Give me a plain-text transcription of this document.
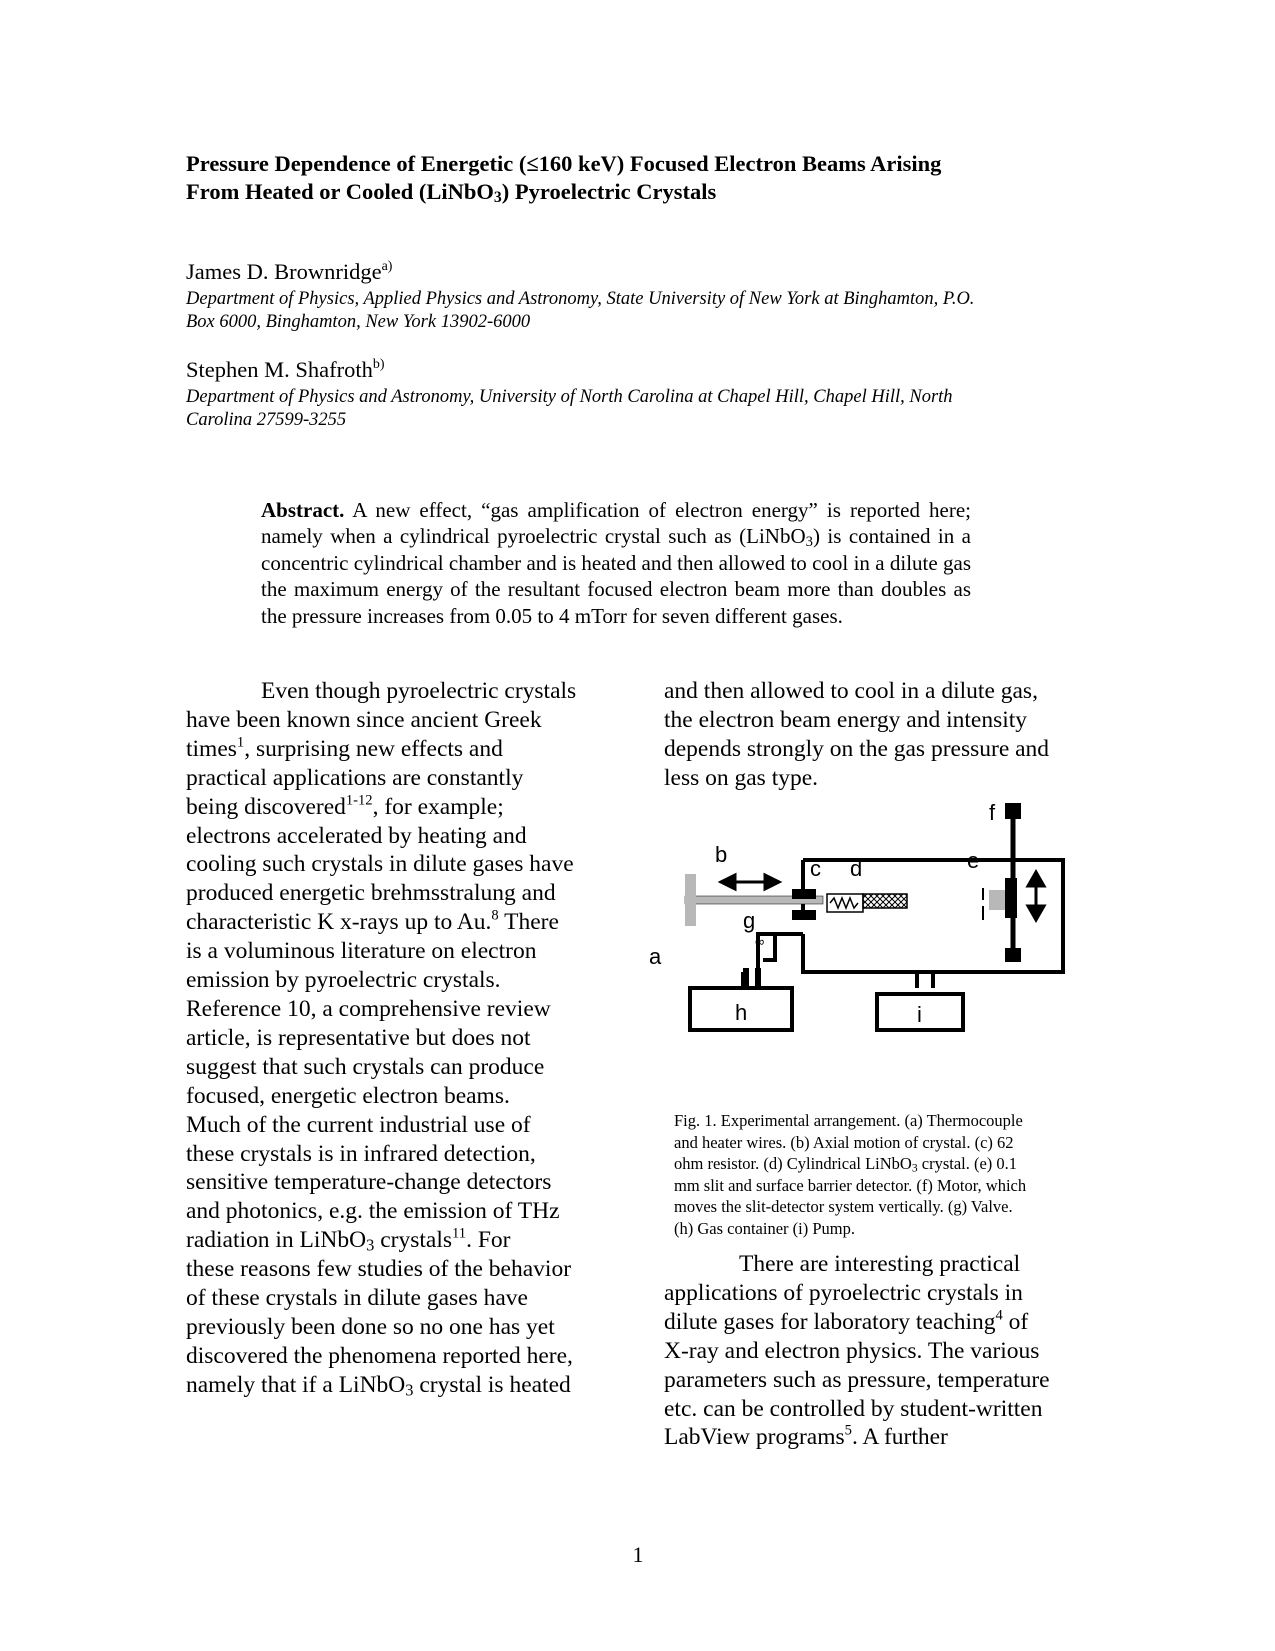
Pressure Dependence of Energetic (≤160 keV) Focused Electron Beams Arising
From Heated or Cooled (LiNbO$_3$) Pyroelectric Crystals
James D. Brownridge$^{a)}$
Department of Physics, Applied Physics and Astronomy, State University of New York at Binghamton, P.O.
Box 6000, Binghamton, New York 13902-6000
Stephen M. Shafroth$^{b)}$
Department of Physics and Astronomy, University of North Carolina at Chapel Hill, Chapel Hill, North
Carolina 27599-3255
Abstract. A new effect, “gas amplification of electron energy” is reported here; namely when a cylindrical pyroelectric crystal such as (LiNbO$_3$) is contained in a concentric cylindrical chamber and is heated and then allowed to cool in a dilute gas the maximum energy of the resultant focused electron beam more than doubles as the pressure increases from 0.05 to 4 mTorr for seven different gases.
Even though pyroelectric crystals
have been known since ancient Greek
times$^1$, surprising new effects and
practical applications are constantly
being discovered$^{1-12}$, for example;
electrons accelerated by heating and
cooling such crystals in dilute gases have
produced energetic brehmsstralung and
characteristic K x-rays up to Au.$^8$ There
is a voluminous literature on electron
emission by pyroelectric crystals.
Reference 10, a comprehensive review
article, is representative but does not
suggest that such crystals can produce
focused, energetic electron beams.
Much of the current industrial use of
these crystals is in infrared detection,
sensitive temperature-change detectors
and photonics, e.g. the emission of THz
radiation in LiNbO$_3$ crystals$^{11}$. For
these reasons few studies of the behavior
of these crystals in dilute gases have
previously been done so no one has yet
discovered the phenomena reported here,
namely that if a LiNbO$_3$ crystal is heated
and then allowed to cool in a dilute gas,
the electron beam energy and intensity
depends strongly on the gas pressure and
less on gas type.
∞
f
b
c d	e
g
a
h	i
Fig. 1. Experimental arrangement. (a) Thermocouple
and heater wires. (b) Axial motion of crystal. (c) 62
ohm resistor. (d) Cylindrical LiNbO$_3$ crystal. (e) 0.1
mm slit and surface barrier detector. (f) Motor, which
moves the slit-detector system vertically. (g) Valve.
(h) Gas container (i) Pump.
There are interesting practical
applications of pyroelectric crystals in
dilute gases for laboratory teaching$^4$ of
X-ray and electron physics. The various
parameters such as pressure, temperature
etc. can be controlled by student-written
LabView programs$^5$. A further
1
